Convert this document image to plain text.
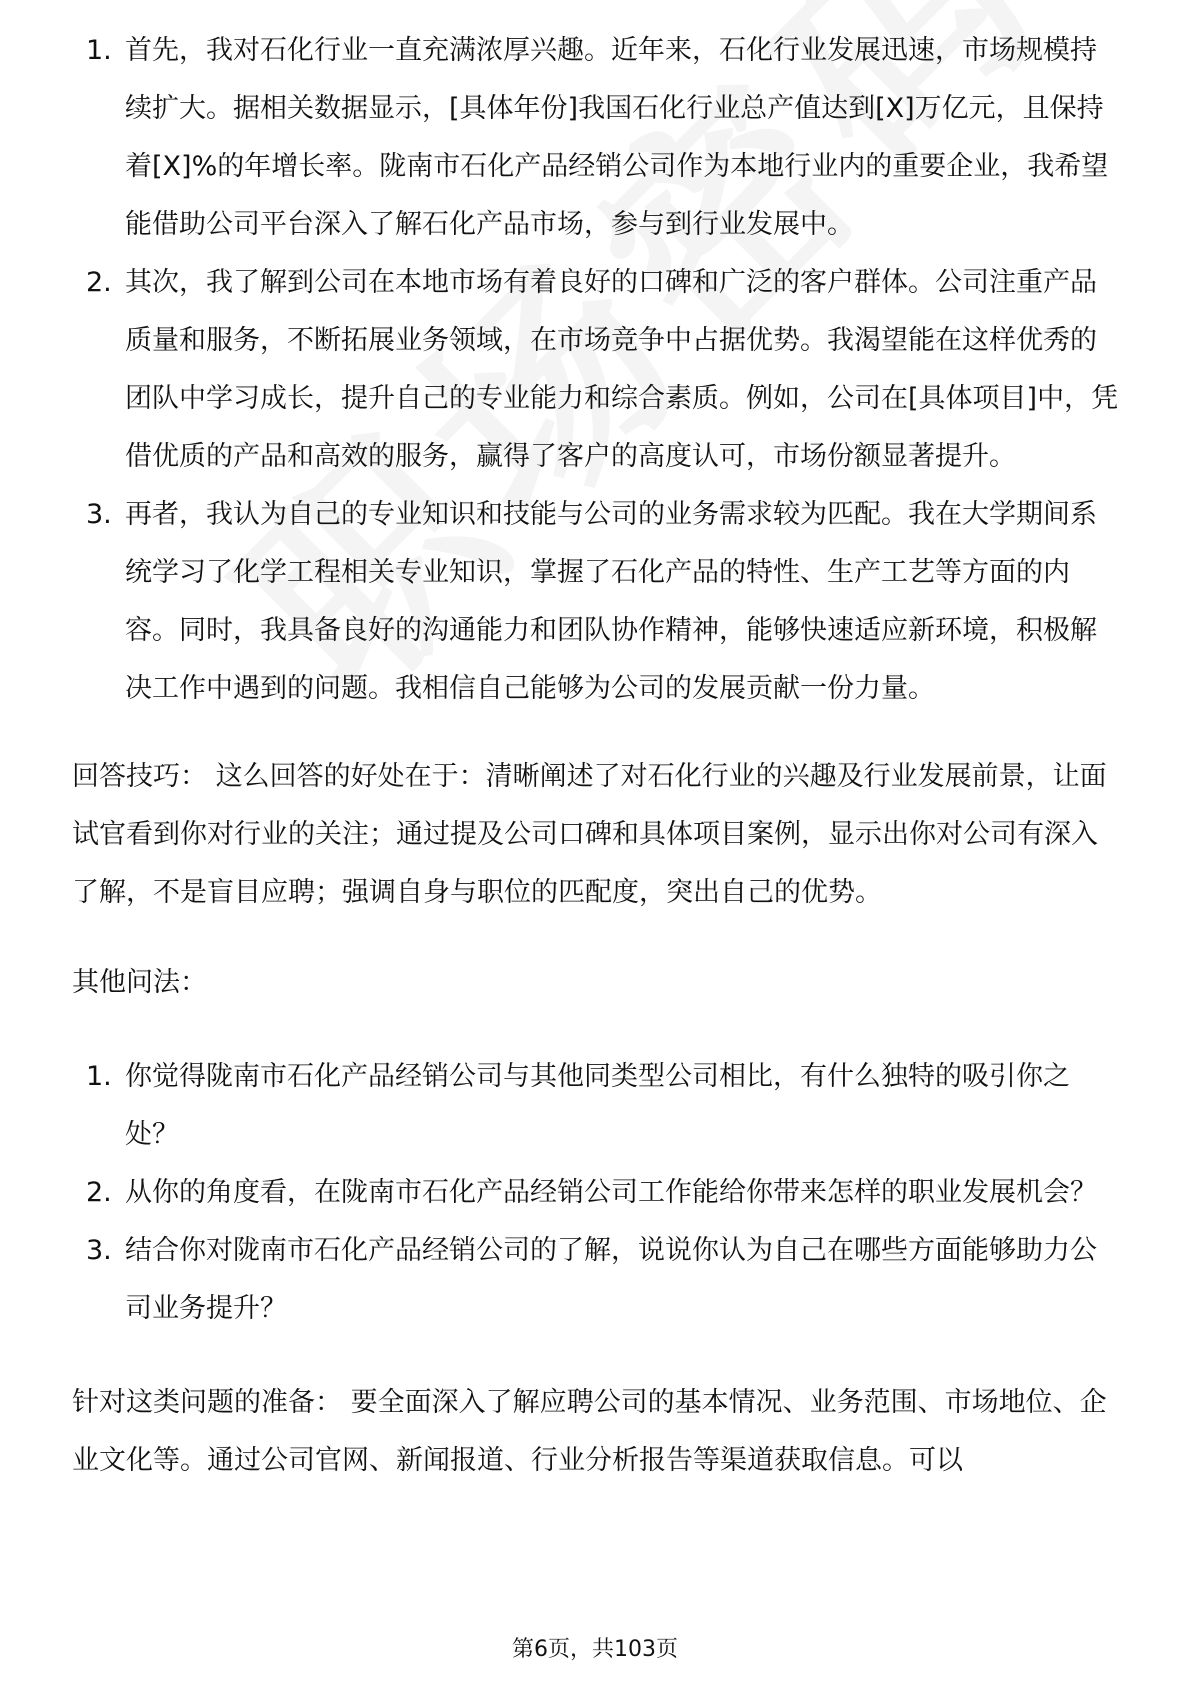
1. 首先，我对石化行业一直充满浓厚兴趣。近年来，石化行业发展迅速，市场规模持续扩大。据相关数据显示，[具体年份]我国石化行业总产值达到[X]万亿元，且保持着[X]%的年增长率。陇南市石化产品经销公司作为本地行业内的重要企业，我希望能借助公司平台深入了解石化产品市场，参与到行业发展中。
2. 其次，我了解到公司在本地市场有着良好的口碑和广泛的客户群体。公司注重产品质量和服务，不断拓展业务领域，在市场竞争中占据优势。我渴望能在这样优秀的团队中学习成长，提升自己的专业能力和综合素质。例如，公司在[具体项目]中，凭借优质的产品和高效的服务，赢得了客户的高度认可，市场份额显著提升。
3. 再者，我认为自己的专业知识和技能与公司的业务需求较为匹配。我在大学期间系统学习了化学工程相关专业知识，掌握了石化产品的特性、生产工艺等方面的内容。同时，我具备良好的沟通能力和团队协作精神，能够快速适应新环境，积极解决工作中遇到的问题。我相信自己能够为公司的发展贡献一份力量。

回答技巧： 这么回答的好处在于：清晰阐述了对石化行业的兴趣及行业发展前景，让面试官看到你对行业的关注；通过提及公司口碑和具体项目案例，显示出你对公司有深入了解，不是盲目应聘；强调自身与职位的匹配度，突出自己的优势。

其他问法：

1. 你觉得陇南市石化产品经销公司与其他同类型公司相比，有什么独特的吸引你之处？
2. 从你的角度看，在陇南市石化产品经销公司工作能给你带来怎样的职业发展机会？
3. 结合你对陇南市石化产品经销公司的了解，说说你认为自己在哪些方面能够助力公司业务提升？

针对这类问题的准备： 要全面深入了解应聘公司的基本情况、业务范围、市场地位、企业文化等。通过公司官网、新闻报道、行业分析报告等渠道获取信息。可以

第6页，共103页
